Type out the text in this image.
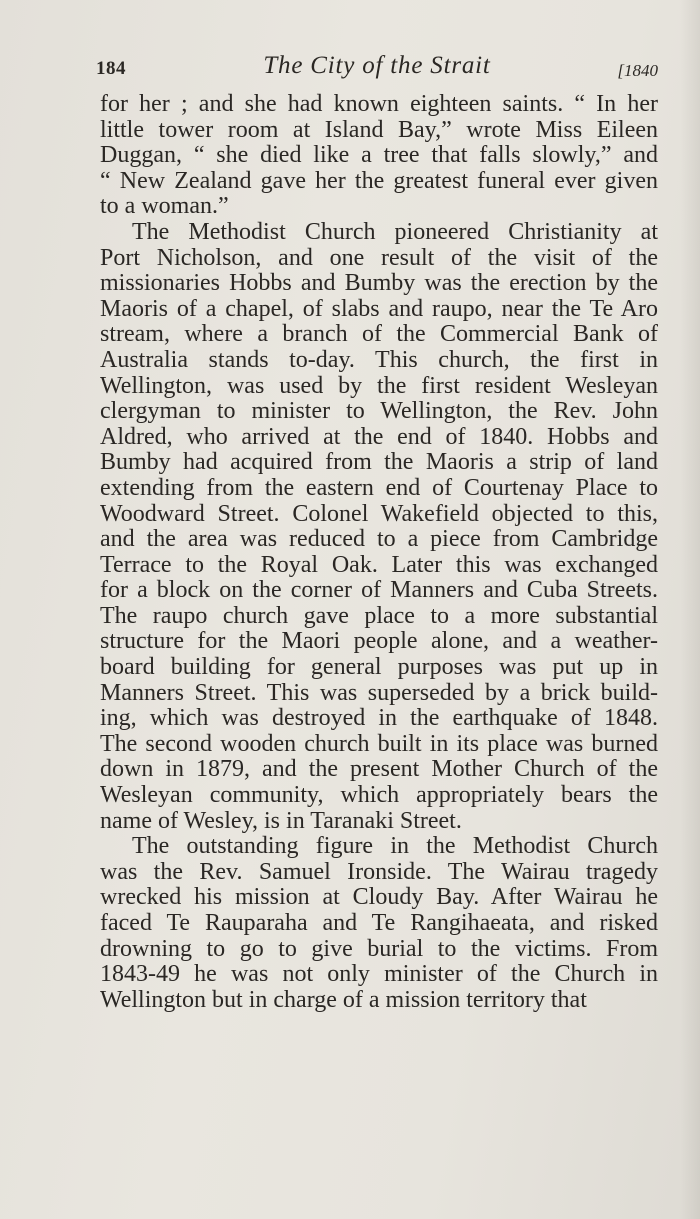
184	The City of the Strait	[1840
for her ; and she had known eighteen saints. “ In her
little tower room at Island Bay,” wrote Miss Eileen
Duggan, “ she died like a tree that falls slowly,” and
“ New Zealand gave her the greatest funeral ever given
to a woman.”
The Methodist Church pioneered Christianity at
Port Nicholson, and one result of the visit of the
missionaries Hobbs and Bumby was the erection by the
Maoris of a chapel, of slabs and raupo, near the Te Aro
stream, where a branch of the Commercial Bank of
Australia stands to-day. This church, the first in
Wellington, was used by the first resident Wesleyan
clergyman to minister to Wellington, the Rev. John
Aldred, who arrived at the end of 1840. Hobbs and
Bumby had acquired from the Maoris a strip of land
extending from the eastern end of Courtenay Place to
Woodward Street. Colonel Wakefield objected to this,
and the area was reduced to a piece from Cambridge
Terrace to the Royal Oak. Later this was exchanged
for a block on the corner of Manners and Cuba Streets.
The raupo church gave place to a more substantial
structure for the Maori people alone, and a weather-
board building for general purposes was put up in
Manners Street. This was superseded by a brick build-
ing, which was destroyed in the earthquake of 1848.
The second wooden church built in its place was burned
down in 1879, and the present Mother Church of the
Wesleyan community, which appropriately bears the
name of Wesley, is in Taranaki Street.
The outstanding figure in the Methodist Church
was the Rev. Samuel Ironside. The Wairau tragedy
wrecked his mission at Cloudy Bay. After Wairau he
faced Te Rauparaha and Te Rangihaeata, and risked
drowning to go to give burial to the victims. From
1843-49 he was not only minister of the Church in
Wellington but in charge of a mission territory that
